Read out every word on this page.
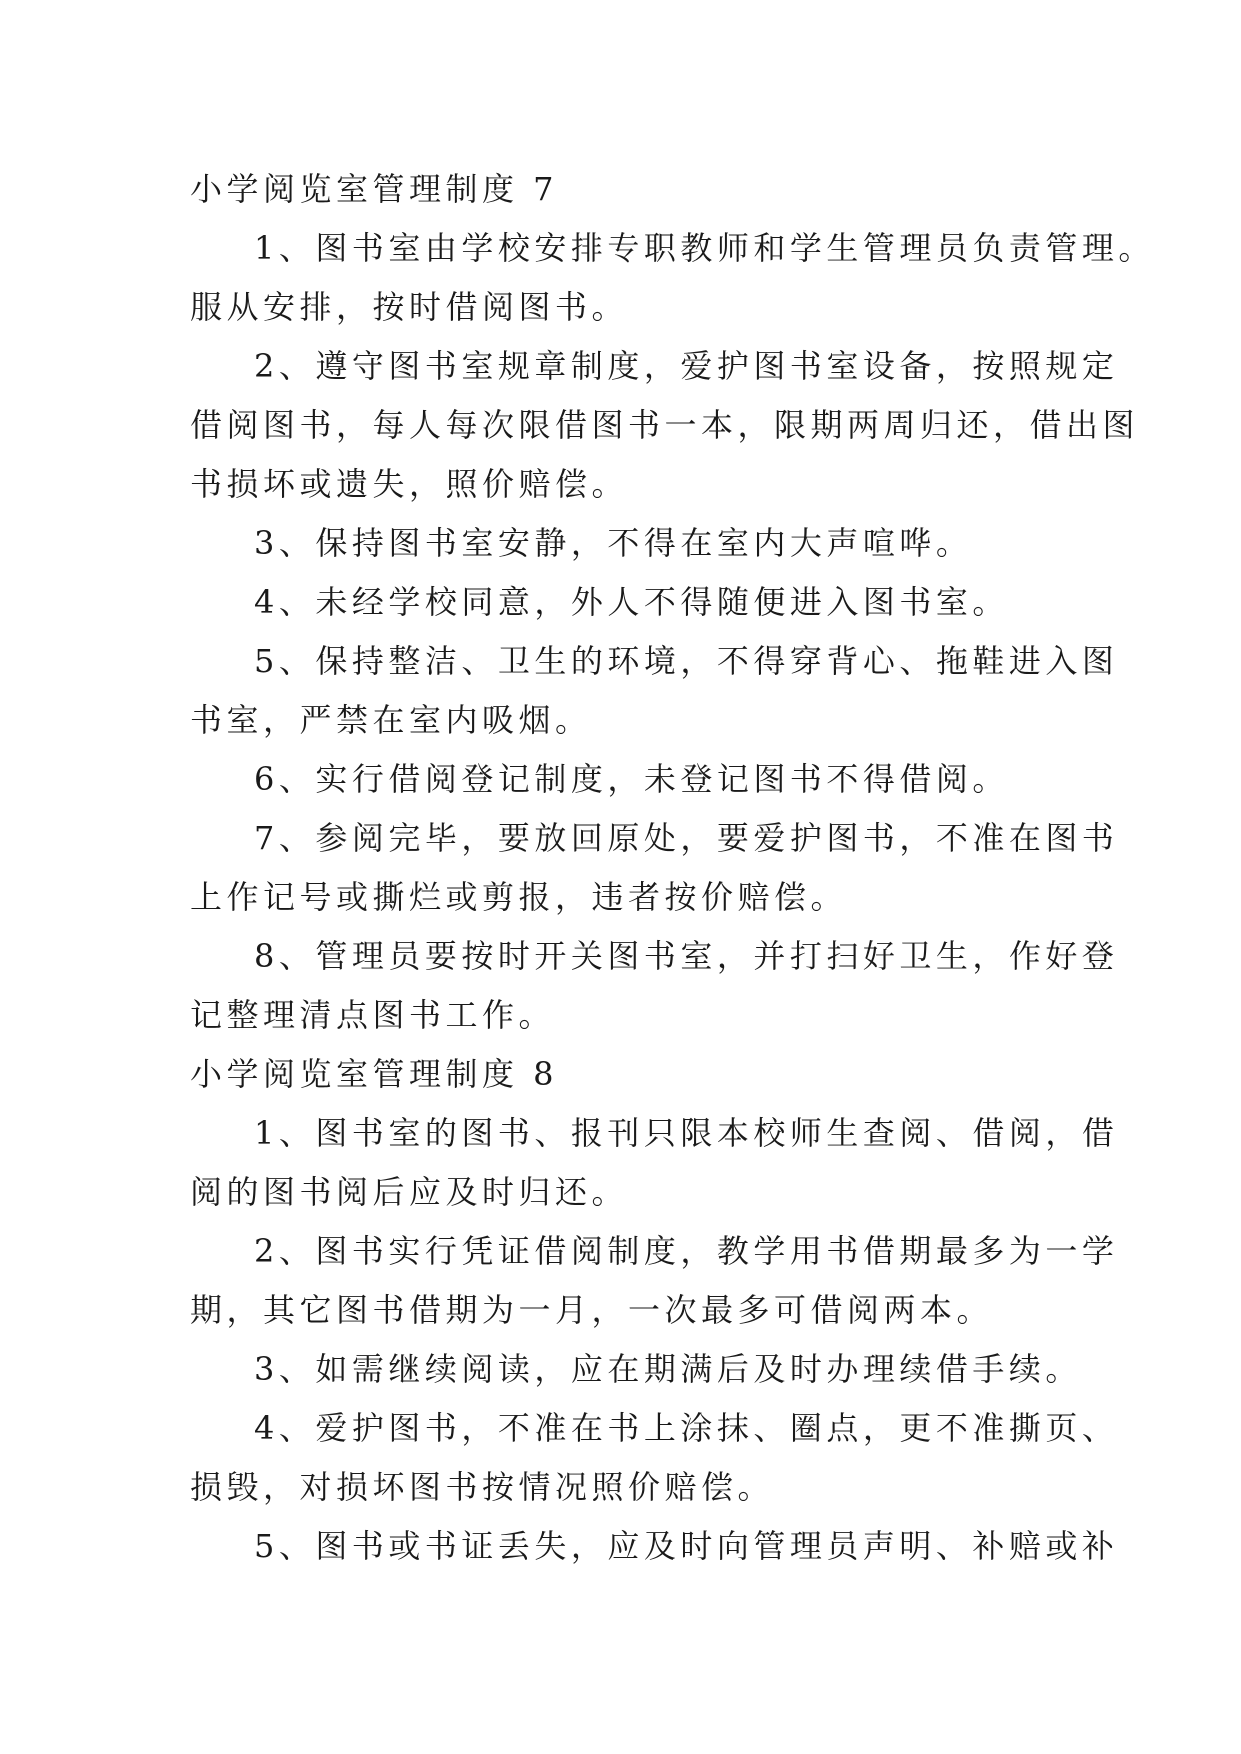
小学阅览室管理制度 7
1、图书室由学校安排专职教师和学生管理员负责管理。
服从安排，按时借阅图书。
2、遵守图书室规章制度，爱护图书室设备，按照规定
借阅图书，每人每次限借图书一本，限期两周归还，借出图
书损坏或遗失，照价赔偿。
3、保持图书室安静，不得在室内大声喧哗。
4、未经学校同意，外人不得随便进入图书室。
5、保持整洁、卫生的环境，不得穿背心、拖鞋进入图
书室，严禁在室内吸烟。
6、实行借阅登记制度，未登记图书不得借阅。
7、参阅完毕，要放回原处，要爱护图书，不准在图书
上作记号或撕烂或剪报，违者按价赔偿。
8、管理员要按时开关图书室，并打扫好卫生，作好登
记整理清点图书工作。
小学阅览室管理制度 8
1、图书室的图书、报刊只限本校师生查阅、借阅，借
阅的图书阅后应及时归还。
2、图书实行凭证借阅制度，教学用书借期最多为一学
期，其它图书借期为一月，一次最多可借阅两本。
3、如需继续阅读，应在期满后及时办理续借手续。
4、爱护图书，不准在书上涂抹、圈点，更不准撕页、
损毁，对损坏图书按情况照价赔偿。
5、图书或书证丢失，应及时向管理员声明、补赔或补
